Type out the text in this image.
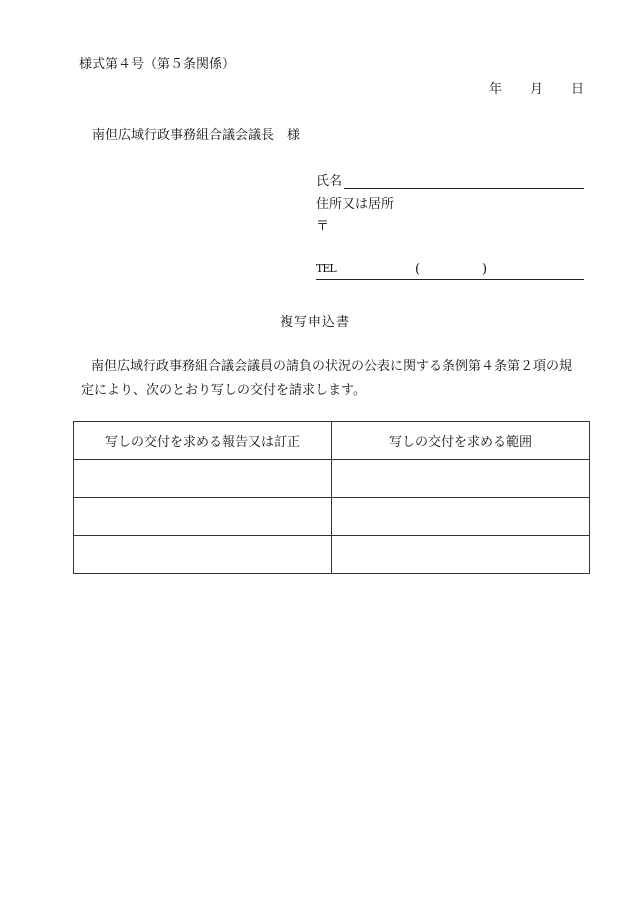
様式第４号（第５条関係）
年 月 日
南但広域行政事務組合議会議長　様
氏名
住所又は居所
〒
TEL	(	)
複写申込書
南但広域行政事務組合議会議員の請負の状況の公表に関する条例第４条第２項の規定により、次のとおり写しの交付を請求します。
写しの交付を求める報告又は訂正	写しの交付を求める範囲
